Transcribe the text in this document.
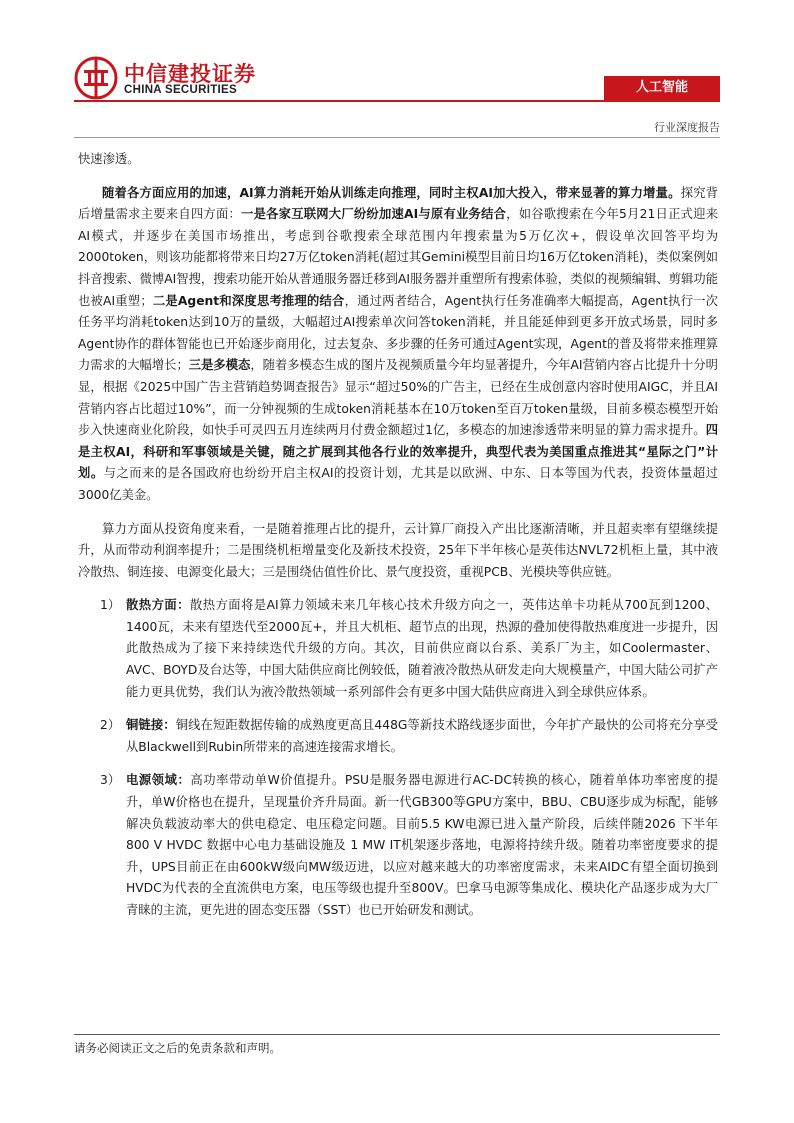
中信建投证券
CHINA SECURITIES	人工智能
行业深度报告

快速渗透。

随着各方面应用的加速，AI算力消耗开始从训练走向推理，同时主权AI加大投入，带来显著的算力增量。探究背后增量需求主要来自四方面：一是各家互联网大厂纷纷加速AI与原有业务结合，如谷歌搜索在今年5月21日正式迎来 AI模式，并逐步在美国市场推出，考虑到谷歌搜索全球范围内年搜索量为5万亿次+，假设单次回答平均为2000token，则该功能都将带来日均27万亿token消耗(超过其Gemini模型目前日均16万亿token消耗)，类似案例如抖音搜索、微博AI智搜，搜索功能开始从普通服务器迁移到AI服务器并重塑所有搜索体验，类似的视频编辑、剪辑功能也被AI重塑；二是Agent和深度思考推理的结合，通过两者结合，Agent执行任务准确率大幅提高，Agent执行一次任务平均消耗token达到10万的量级，大幅超过AI搜索单次问答token消耗，并且能延伸到更多开放式场景，同时多Agent协作的群体智能也已开始逐步商用化，过去复杂、多步骤的任务可通过Agent实现，Agent的普及将带来推理算力需求的大幅增长；三是多模态，随着多模态生成的图片及视频质量今年均显著提升，今年AI营销内容占比提升十分明显，根据《2025中国广告主营销趋势调查报告》显示“超过50%的广告主，已经在生成创意内容时使用AIGC，并且AI营销内容占比超过10%”，而一分钟视频的生成token消耗基本在10万token至百万token量级，目前多模态模型开始步入快速商业化阶段，如快手可灵四五月连续两月付费金额超过1亿，多模态的加速渗透带来明显的算力需求提升。四是主权AI，科研和军事领域是关键，随之扩展到其他各行业的效率提升，典型代表为美国重点推进其“星际之门”计划。与之而来的是各国政府也纷纷开启主权AI的投资计划，尤其是以欧洲、中东、日本等国为代表，投资体量超过3000亿美金。

算力方面从投资角度来看，一是随着推理占比的提升，云计算厂商投入产出比逐渐清晰，并且超卖率有望继续提升，从而带动利润率提升；二是围绕机柜增量变化及新技术投资，25年下半年核心是英伟达NVL72机柜上量，其中液冷散热、铜连接、电源变化最大；三是围绕估值性价比、景气度投资，重视PCB、光模块等供应链。

1） 散热方面：散热方面将是AI算力领域未来几年核心技术升级方向之一，英伟达单卡功耗从700瓦到1200、1400瓦，未来有望迭代至2000瓦+，并且大机柜、超节点的出现，热源的叠加使得散热难度进一步提升，因此散热成为了接下来持续迭代升级的方向。其次，目前供应商以台系、美系厂为主，如Coolermaster、AVC、BOYD及台达等，中国大陆供应商比例较低，随着液冷散热从研发走向大规模量产，中国大陆公司扩产能力更具优势，我们认为液冷散热领域一系列部件会有更多中国大陆供应商进入到全球供应体系。
2） 铜链接：铜线在短距数据传输的成熟度更高且448G等新技术路线逐步面世，今年扩产最快的公司将充分享受从Blackwell到Rubin所带来的高速连接需求增长。
3） 电源领域：高功率带动单W价值提升。PSU是服务器电源进行AC-DC转换的核心，随着单体功率密度的提升，单W价格也在提升，呈现量价齐升局面。新一代GB300等GPU方案中，BBU、CBU逐步成为标配，能够解决负载波动率大的供电稳定、电压稳定问题。目前5.5 KW电源已进入量产阶段，后续伴随2026 下半年800 V HVDC 数据中心电力基础设施及 1 MW IT机架逐步落地，电源将持续升级。随着功率密度要求的提升，UPS目前正在由600kW级向MW级迈进，以应对越来越大的功率密度需求，未来AIDC有望全面切换到HVDC为代表的全直流供电方案，电压等级也提升至800V。巴拿马电源等集成化、模块化产品逐步成为大厂青睐的主流，更先进的固态变压器（SST）也已开始研发和测试。
请务必阅读正文之后的免责条款和声明。
